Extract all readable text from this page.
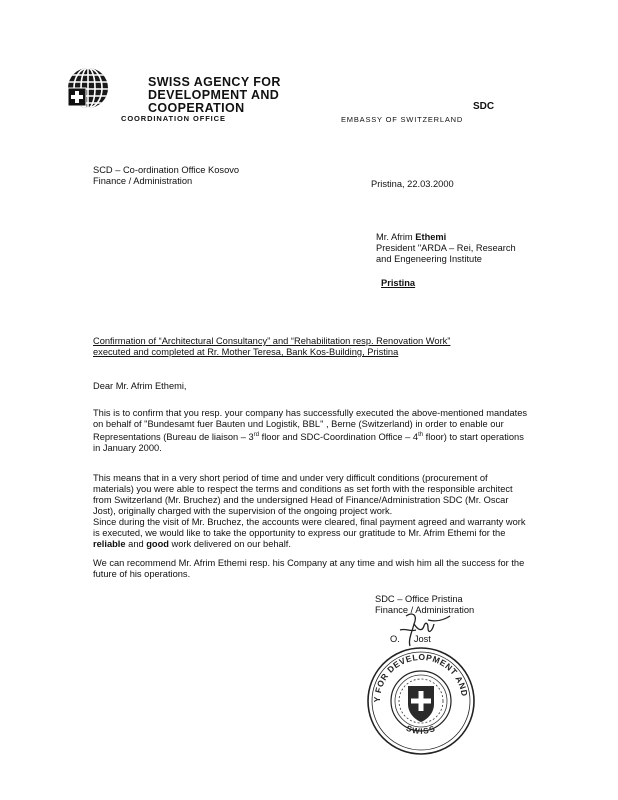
SWISS AGENCY FOR
DEVELOPMENT AND
COOPERATION
COORDINATION OFFICE	EMBASSY OF SWITZERLAND
SDC
SCD – Co-ordination Office Kosovo
Finance / Administration	Pristina, 22.03.2000
Mr. Afrim Ethemi
President "ARDA – Rei, Research
and Engeneering Institute
Pristina
Confirmation of “Architectural Consultancy” and “Rehabilitation resp. Renovation Work”
executed and completed at Rr. Mother Teresa, Bank Kos-Building, Pristina
Dear Mr. Afrim Ethemi,

This is to confirm that you resp. your company has successfully executed the above-mentioned mandates on behalf of "Bundesamt fuer Bauten und Logistik, BBL" , Berne (Switzerland) in order to enable our Representations (Bureau de liaison – 3rd floor and SDC-Coordination Office – 4th floor) to start operations in January 2000.

This means that in a very short period of time and under very difficult conditions (procurement of materials) you were able to respect the terms and conditions as set forth with the responsible architect from Switzerland (Mr. Bruchez) and the undersigned Head of Finance/Administration SDC (Mr. Oscar Jost), originally charged with the supervision of the ongoing project work.

Since during the visit of Mr. Bruchez, the accounts were cleared, final payment agreed and warranty work is executed, we would like to take the opportunity to express our gratitude to Mr. Afrim Ethemi for the reliable and good work delivered on our behalf.

We can recommend Mr. Afrim Ethemi resp. his Company at any time and wish him all the success for the future of his operations.

SDC – Office Pristina
Finance / Administration
O. Jost
Y FOR DEVELOPMENT AND
SWISS
